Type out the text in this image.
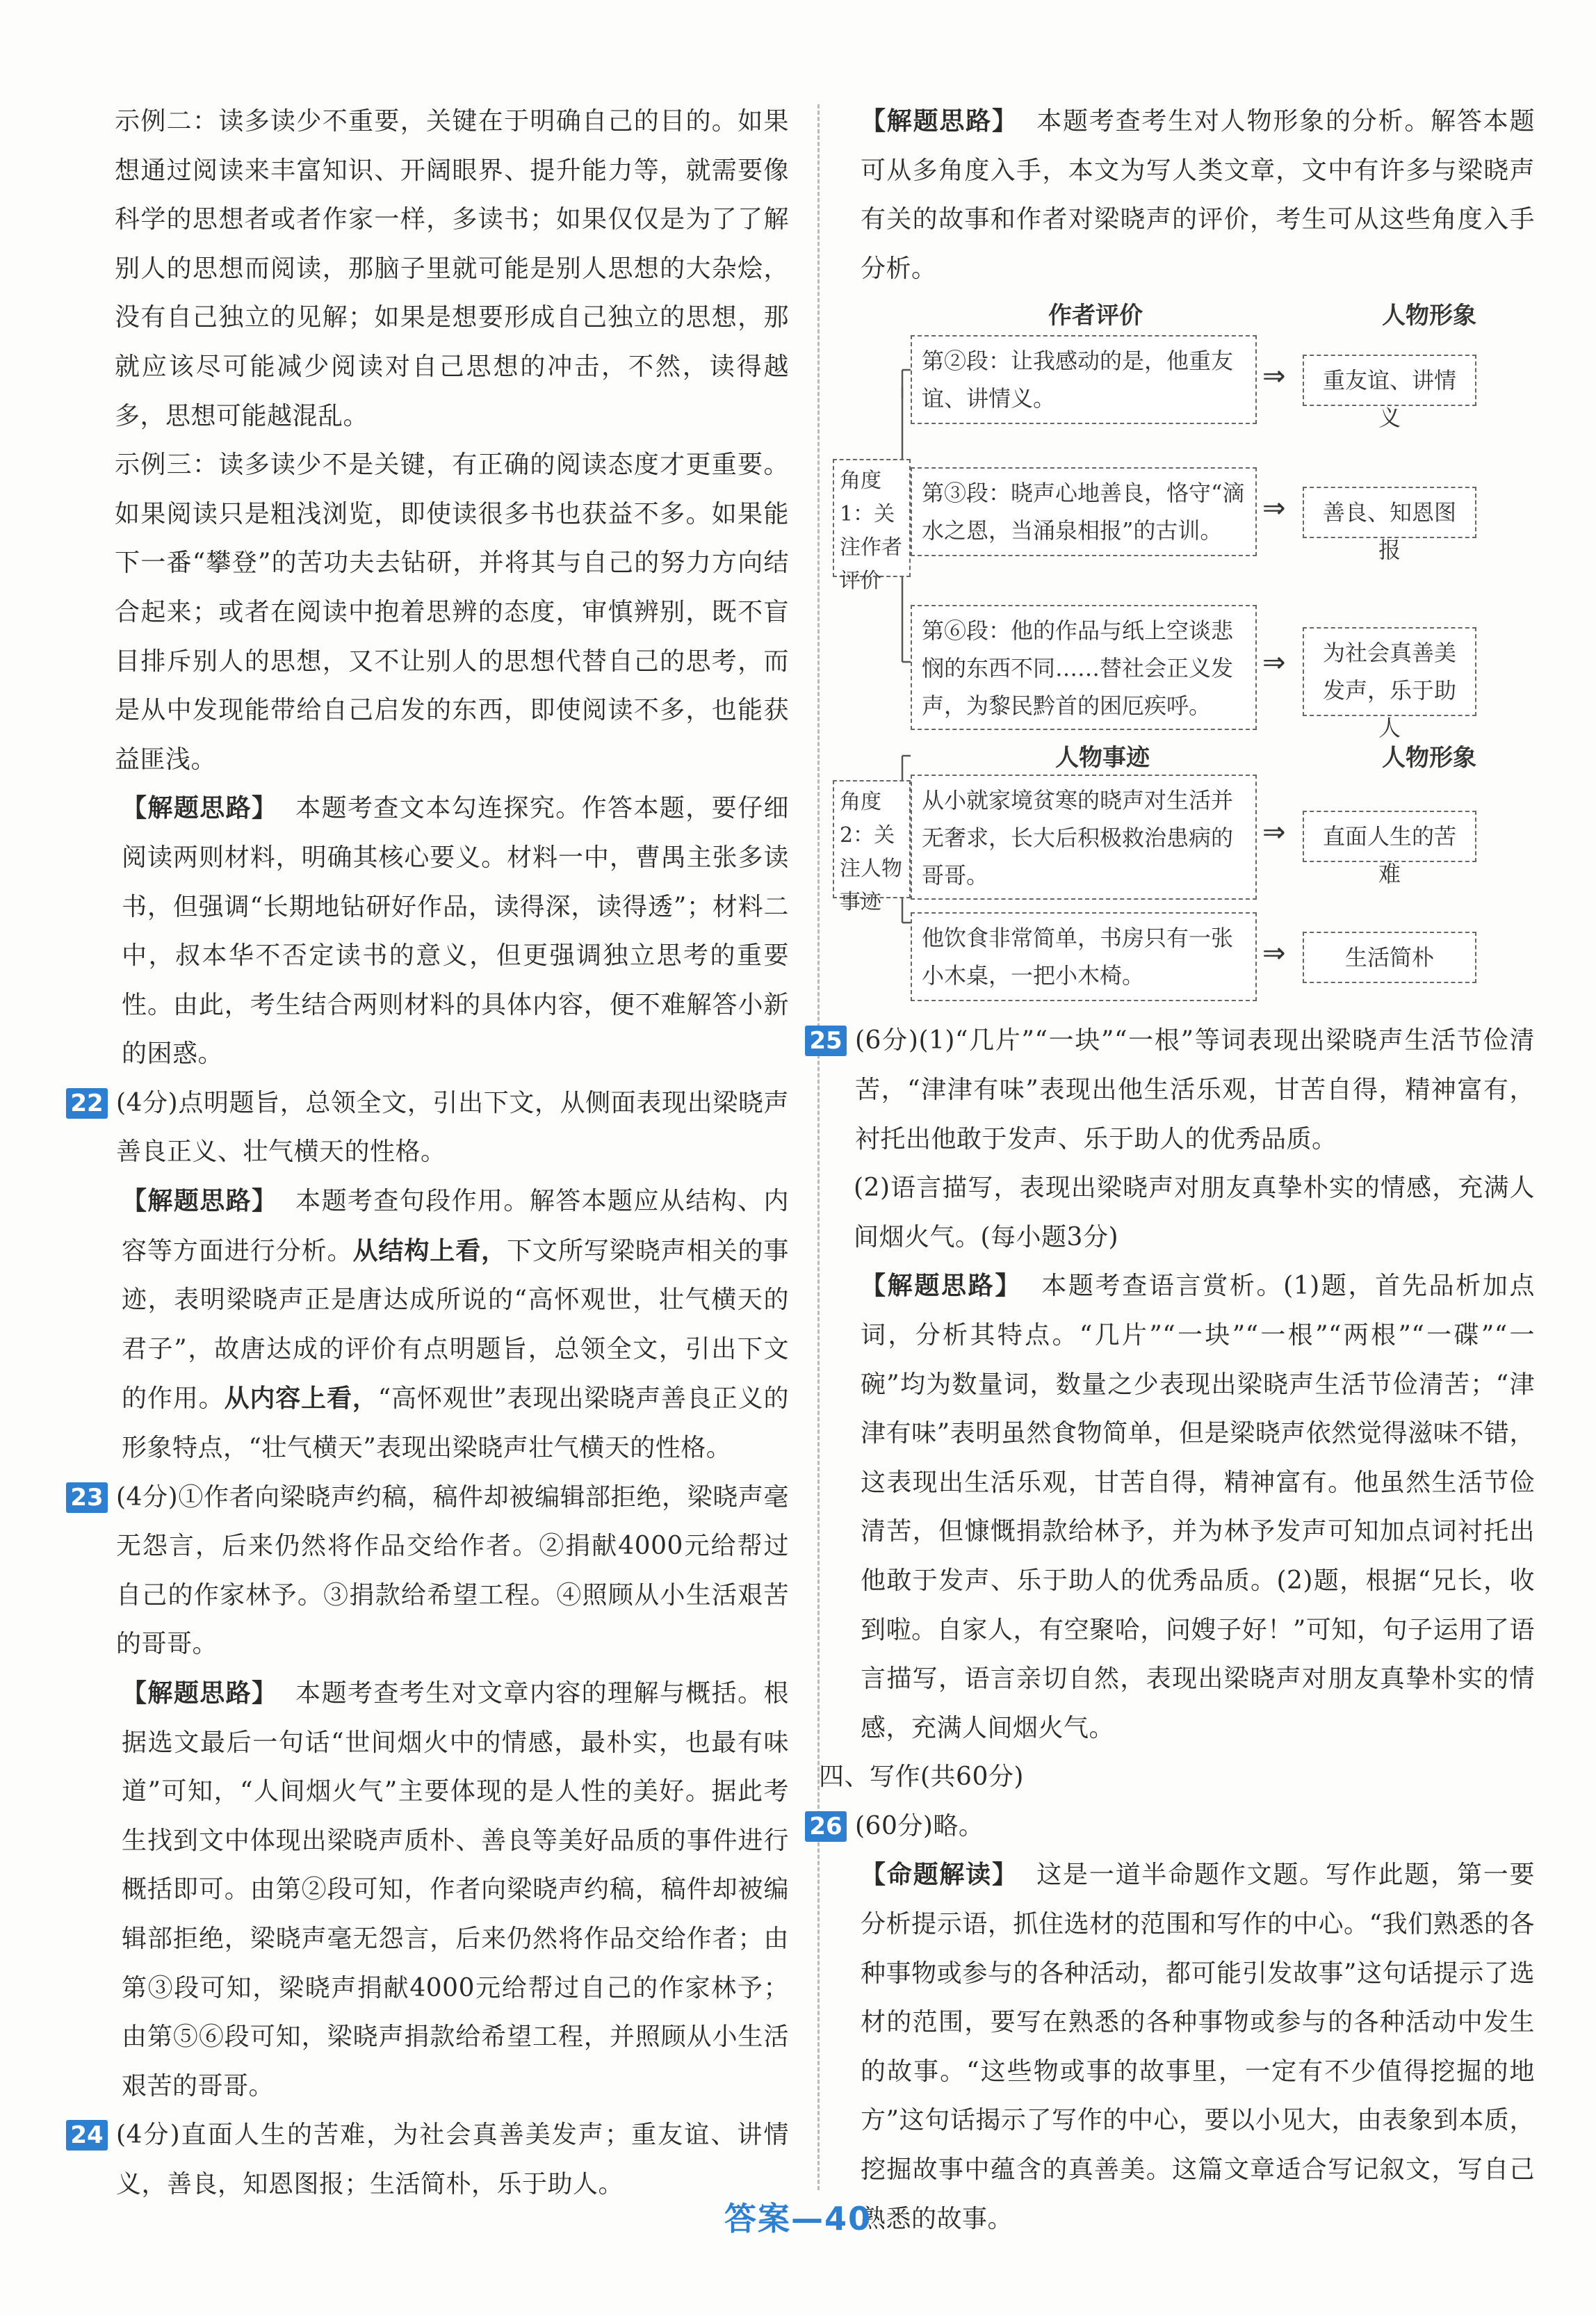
示例二：读多读少不重要，关键在于明确自己的目的。如果想通过阅读来丰富知识、开阔眼界、提升能力等，就需要像科学的思想者或者作家一样，多读书；如果仅仅是为了了解别人的思想而阅读，那脑子里就可能是别人思想的大杂烩，没有自己独立的见解；如果是想要形成自己独立的思想，那就应该尽可能减少阅读对自己思想的冲击，不然，读得越多，思想可能越混乱。

示例三：读多读少不是关键，有正确的阅读态度才更重要。如果阅读只是粗浅浏览，即使读很多书也获益不多。如果能下一番“攀登”的苦功夫去钻研，并将其与自己的努力方向结合起来；或者在阅读中抱着思辨的态度，审慎辨别，既不盲目排斥别人的思想，又不让别人的思想代替自己的思考，而是从中发现能带给自己启发的东西，即使阅读不多，也能获益匪浅。

【解题思路】 本题考查文本勾连探究。作答本题，要仔细阅读两则材料，明确其核心要义。材料一中，曹禺主张多读书，但强调“长期地钻研好作品，读得深，读得透”；材料二中，叔本华不否定读书的意义，但更强调独立思考的重要性。由此，考生结合两则材料的具体内容，便不难解答小新的困惑。

22 (4分)点明题旨，总领全文，引出下文，从侧面表现出梁晓声善良正义、壮气横天的性格。

【解题思路】 本题考查句段作用。解答本题应从结构、内容等方面进行分析。从结构上看，下文所写梁晓声相关的事迹，表明梁晓声正是唐达成所说的“高怀观世，壮气横天的君子”，故唐达成的评价有点明题旨，总领全文，引出下文的作用。从内容上看，“高怀观世”表现出梁晓声善良正义的形象特点，“壮气横天”表现出梁晓声壮气横天的性格。

23 (4分)①作者向梁晓声约稿，稿件却被编辑部拒绝，梁晓声毫无怨言，后来仍然将作品交给作者。②捐献4000元给帮过自己的作家林予。③捐款给希望工程。④照顾从小生活艰苦的哥哥。

【解题思路】 本题考查考生对文章内容的理解与概括。根据选文最后一句话“世间烟火中的情感，最朴实，也最有味道”可知，“人间烟火气”主要体现的是人性的美好。据此考生找到文中体现出梁晓声质朴、善良等美好品质的事件进行概括即可。由第②段可知，作者向梁晓声约稿，稿件却被编辑部拒绝，梁晓声毫无怨言，后来仍然将作品交给作者；由第③段可知，梁晓声捐献4000元给帮过自己的作家林予；由第⑤⑥段可知，梁晓声捐款给希望工程，并照顾从小生活艰苦的哥哥。

24 (4分)直面人生的苦难，为社会真善美发声；重友谊、讲情义，善良，知恩图报；生活简朴，乐于助人。

【解题思路】 本题考查考生对人物形象的分析。解答本题可从多角度入手，本文为写人类文章，文中有许多与梁晓声有关的故事和作者对梁晓声的评价，考生可从这些角度入手分析。

作者评价	人物形象
角度1：关注作者评价
第②段：让我感动的是，他重友谊、讲情义。
第③段：晓声心地善良，恪守“滴水之恩，当涌泉相报”的古训。
第⑥段：他的作品与纸上空谈悲悯的东西不同……替社会正义发声，为黎民黔首的困厄疾呼。
⇒
⇒
⇒
重友谊、讲情义
善良、知恩图报
为社会真善美发声，乐于助人
人物事迹	人物形象
角度2：关注人物事迹
从小就家境贫寒的晓声对生活并无奢求，长大后积极救治患病的哥哥。
他饮食非常简单，书房只有一张小木桌，一把小木椅。
⇒
⇒
直面人生的苦难
生活简朴
25 (6分)(1)“几片”“一块”“一根”等词表现出梁晓声生活节俭清苦，“津津有味”表现出他生活乐观，甘苦自得，精神富有，衬托出他敢于发声、乐于助人的优秀品质。

(2)语言描写，表现出梁晓声对朋友真挚朴实的情感，充满人间烟火气。(每小题3分)

【解题思路】 本题考查语言赏析。(1)题，首先品析加点词，分析其特点。“几片”“一块”“一根”“两根”“一碟”“一碗”均为数量词，数量之少表现出梁晓声生活节俭清苦；“津津有味”表明虽然食物简单，但是梁晓声依然觉得滋味不错，这表现出生活乐观，甘苦自得，精神富有。他虽然生活节俭清苦，但慷慨捐款给林予，并为林予发声可知加点词衬托出他敢于发声、乐于助人的优秀品质。(2)题，根据“兄长，收到啦。自家人，有空聚哈，问嫂子好！”可知，句子运用了语言描写，语言亲切自然，表现出梁晓声对朋友真挚朴实的情感，充满人间烟火气。

四、写作(共60分)

26 (60分)略。

【命题解读】 这是一道半命题作文题。写作此题，第一要分析提示语，抓住选材的范围和写作的中心。“我们熟悉的各种事物或参与的各种活动，都可能引发故事”这句话提示了选材的范围，要写在熟悉的各种事物或参与的各种活动中发生的故事。“这些物或事的故事里，一定有不少值得挖掘的地方”这句话揭示了写作的中心，要以小见大，由表象到本质，挖掘故事中蕴含的真善美。这篇文章适合写记叙文，写自己熟悉的故事。

答案—40
